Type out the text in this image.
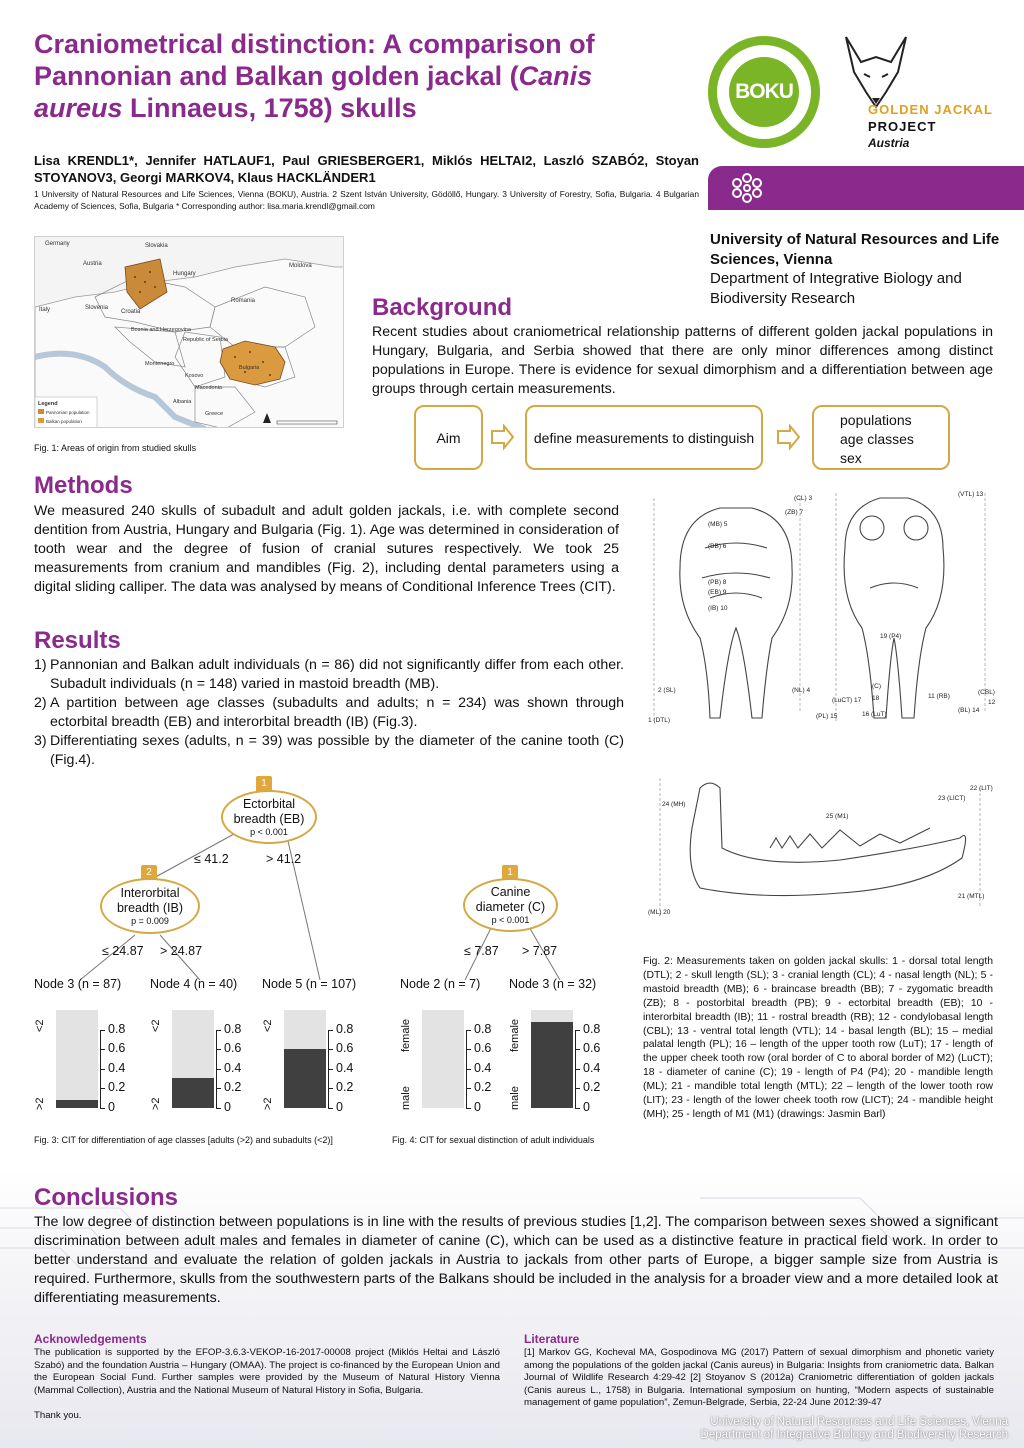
Craniometrical distinction: A comparison of Pannonian and Balkan golden jackal (Canis aureus Linnaeus, 1758) skulls
Lisa KRENDL1*, Jennifer HATLAUF1, Paul GRIESBERGER1, Miklós HELTAI2, Laszló SZABÓ2, Stoyan STOYANOV3, Georgi MARKOV4, Klaus HACKLÄNDER1
1 University of Natural Resources and Life Sciences, Vienna (BOKU), Austria. 2 Szent István University, Gödöllő, Hungary. 3 University of Forestry, Sofia, Bulgaria. 4 Bulgarian Academy of Sciences, Sofia, Bulgaria * Corresponding author: lisa.maria.krendl@gmail.com
BOKU
GOLDEN JACKAL
PROJECT
Austria
University of Natural Resources and Life Sciences, Vienna
Department of Integrative Biology and Biodiversity Research
Germany	Slovakia
Austria	Moldova
Hungary
Slovenia
Croatia
Romania
Italy
Bosnia and Herzegovina
Republic of Serbia
Montenegro
Kosovo
Bulgaria
Macedonia
Albania
Greece
Legend
Pannonian population
Balkan population
Fig. 1: Areas of origin from studied skulls
Background
Recent studies about craniometrical relationship patterns of different golden jackal populations in Hungary, Bulgaria, and Serbia showed that there are only minor differences among distinct populations in Europe. There is evidence for sexual dimorphism and a differentiation between age groups through certain measurements.
Aim	define measurements to distinguish
populations
age classes
sex
Methods
We measured 240 skulls of subadult and adult golden jackals, i.e. with complete second dentition from Austria, Hungary and Bulgaria (Fig. 1). Age was determined in consideration of tooth wear and the degree of fusion of cranial sutures respectively. We took 25 measurements from cranium and mandibles (Fig. 2), including dental parameters using a digital sliding calliper. The data was analysed by means of Conditional Inference Trees (CIT).
(CL) 3
(ZB) 7
(MB) 5
(BB) 6
(PB) 8
(EB) 9
(IB) 10
2 (SL)	(NL) 4
1 (DTL)
(VTL) 13
19 (P4)
(C)
(LuCT) 17 18	11 (RB)
(CBL)
12
(BL) 14
(PL) 15	16 (LuT)
22 (LIT)
23 (LICT)
24 (MH)
25 (M1)
21 (MTL)
(ML) 20
Fig. 2: Measurements taken on golden jackal skulls: 1 - dorsal total length (DTL); 2 - skull length (SL); 3 - cranial length (CL); 4 - nasal length (NL); 5 - mastoid breadth (MB); 6 - braincase breadth (BB); 7 - zygomatic breadth (ZB); 8 - postorbital breadth (PB); 9 - ectorbital breadth (EB); 10 - interorbital breadth (IB); 11 - rostral breadth (RB); 12 - condylobasal length (CBL); 13 - ventral total length (VTL); 14 - basal length (BL); 15 – medial palatal length (PL); 16 – length of the upper tooth row (LuT); 17 - length of the upper cheek tooth row (oral border of C to aboral border of M2) (LuCT); 18 - diameter of canine (C); 19 - length of P4 (P4); 20 - mandible length (ML); 21 - mandible total length (MTL); 22 – length of the lower tooth row (LIT); 23 - length of the lower cheek tooth row (LICT); 24 - mandible height (MH); 25 - length of M1 (M1) (drawings: Jasmin Barl)
Results
1) Pannonian and Balkan adult individuals (n = 86) did not significantly differ from each other. Subadult individuals (n = 148) varied in mastoid breadth (MB).
2) A partition between age classes (subadults and adults; n = 234) was shown through ectorbital breadth (EB) and interorbital breadth (IB) (Fig.3).
3) Differentiating sexes (adults, n = 39) was possible by the diameter of the canine tooth (C) (Fig.4).
1
Ectorbital breadth (EB)
p < 0.001
≤ 41.2	> 41.2
2
Interorbital breadth (IB)
p = 0.009
≤ 24.87 > 24.87
1
Canine diameter (C)
p < 0.001
≤ 7.87 > 7.87
Node 3 (n = 87)
<2
>2
0.8
0.6
0.4
0.2
0
Node 4 (n = 40)
<2
>2
0.8
0.6
0.4
0.2
0
Node 5 (n = 107)
<2
>2
0.8
0.6
0.4
0.2
0
Node 2 (n = 7)
female
male
0.8
0.6
0.4
0.2
0
Node 3 (n = 32)
female
male
0.8
0.6
0.4
0.2
0
Fig. 3: CIT for differentiation of age classes [adults (>2) and subadults (<2)]	Fig. 4: CIT for sexual distinction of adult individuals
Conclusions
The low degree of distinction between populations is in line with the results of previous studies [1,2]. The comparison between sexes showed a significant discrimination between adult males and females in diameter of canine (C), which can be used as a distinctive feature in practical field work. In order to better understand and evaluate the relation of golden jackals in Austria to jackals from other parts of Europe, a bigger sample size from Austria is required. Furthermore, skulls from the southwestern parts of the Balkans should be included in the analysis for a broader view and a more detailed look at differentiating measurements.
Acknowledgements
The publication is supported by the EFOP-3.6.3-VEKOP-16-2017-00008 project (Miklós Heltai and László Szabó) and the foundation Austria – Hungary (OMAA). The project is co-financed by the European Union and the European Social Fund. Further samples were provided by the Museum of Natural History Vienna (Mammal Collection), Austria and the National Museum of Natural History in Sofia, Bulgaria.
Thank you.
Literature
[1] Markov GG, Kocheval MA, Gospodinova MG (2017) Pattern of sexual dimorphism and phonetic variety among the populations of the golden jackal (Canis aureus) in Bulgaria: Insights from craniometric data. Balkan Journal of Wildlife Research 4:29-42 [2] Stoyanov S (2012a) Craniometric differentiation of golden jackals (Canis aureus L., 1758) in Bulgaria. International symposium on hunting, “Modern aspects of sustainable management of game population”, Zemun-Belgrade, Serbia, 22-24 June 2012:39-47
University of Natural Resources and Life Sciences, Vienna
Department of Integrative Biology and Biodiversity Research
